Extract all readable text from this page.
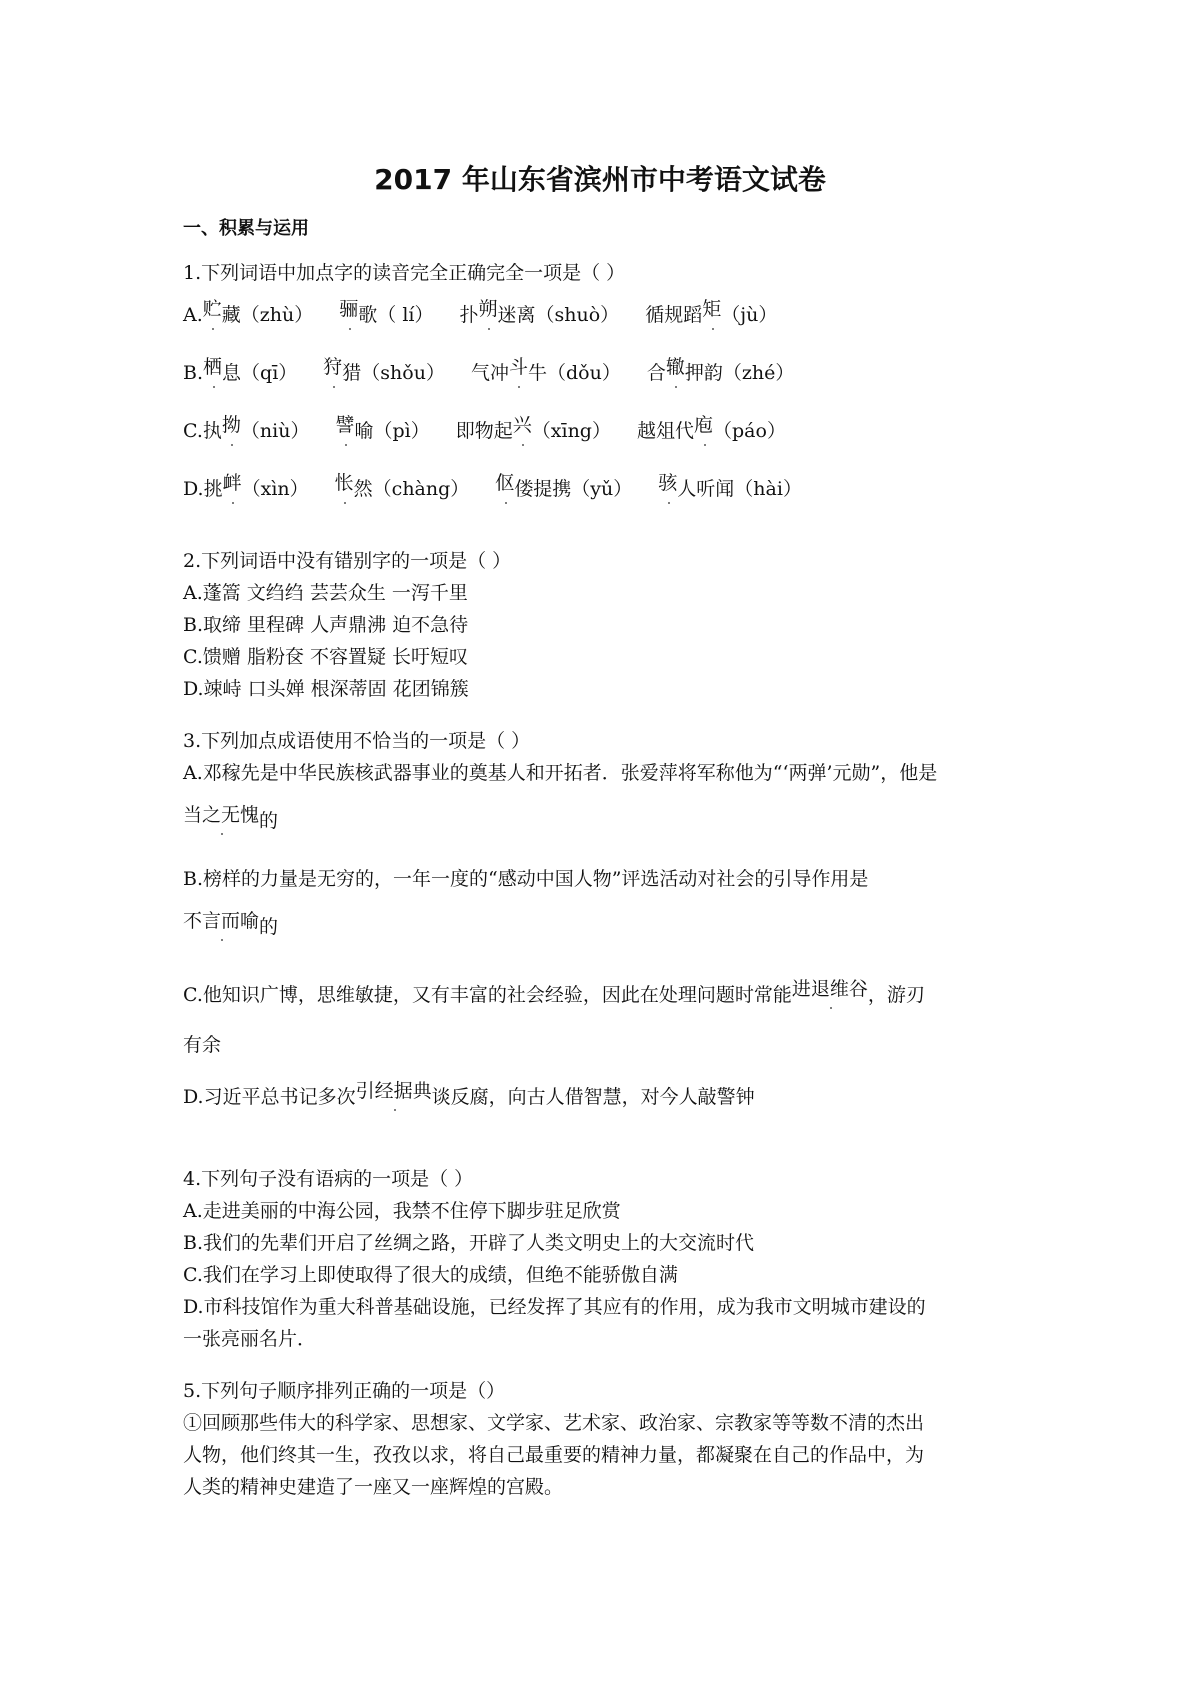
2017 年山东省滨州市中考语文试卷
一、积累与运用
1.下列词语中加点字的读音完全正确完全一项是（ ）
A.贮藏（zhù） 骊歌（ lí） 扑朔迷离（shuò） 循规蹈矩（jù）
B.栖息（qī） 狩猎（shǒu） 气冲斗牛（dǒu） 合辙押韵（zhé）
C.执拗（niù） 譬喻（pì） 即物起兴（xīng） 越俎代庖（páo）
D.挑衅（xìn） 怅然（chàng） 伛偻提携（yǔ） 骇人听闻（hài）
2.下列词语中没有错别字的一项是（ ）
A.蓬篙 文绉绉 芸芸众生 一泻千里
B.取缔 里程碑 人声鼎沸 迫不急待
C.馈赠 脂粉奁 不容置疑 长吁短叹
D.竦峙 口头婵 根深蒂固 花团锦簇
3.下列加点成语使用不恰当的一项是（ ）
A.邓稼先是中华民族核武器事业的奠基人和开拓者．张爱萍将军称他为“‘两弹’元勋”，他是
当之无愧的
B.榜样的力量是无穷的，一年一度的“感动中国人物”评选活动对社会的引导作用是
不言而喻的
C.他知识广博，思维敏捷，又有丰富的社会经验，因此在处理问题时常能进退维谷，游刃
有余
D.习近平总书记多次引经据典谈反腐，向古人借智慧，对今人敲警钟
4.下列句子没有语病的一项是（ ）
A.走进美丽的中海公园，我禁不住停下脚步驻足欣赏
B.我们的先辈们开启了丝绸之路，开辟了人类文明史上的大交流时代
C.我们在学习上即使取得了很大的成绩，但绝不能骄傲自满
D.市科技馆作为重大科普基础设施，已经发挥了其应有的作用，成为我市文明城市建设的
一张亮丽名片．
5.下列句子顺序排列正确的一项是（）
①回顾那些伟大的科学家、思想家、文学家、艺术家、政治家、宗教家等等数不清的杰出
人物，他们终其一生，孜孜以求，将自己最重要的精神力量，都凝聚在自己的作品中，为
人类的精神史建造了一座又一座辉煌的宫殿。
